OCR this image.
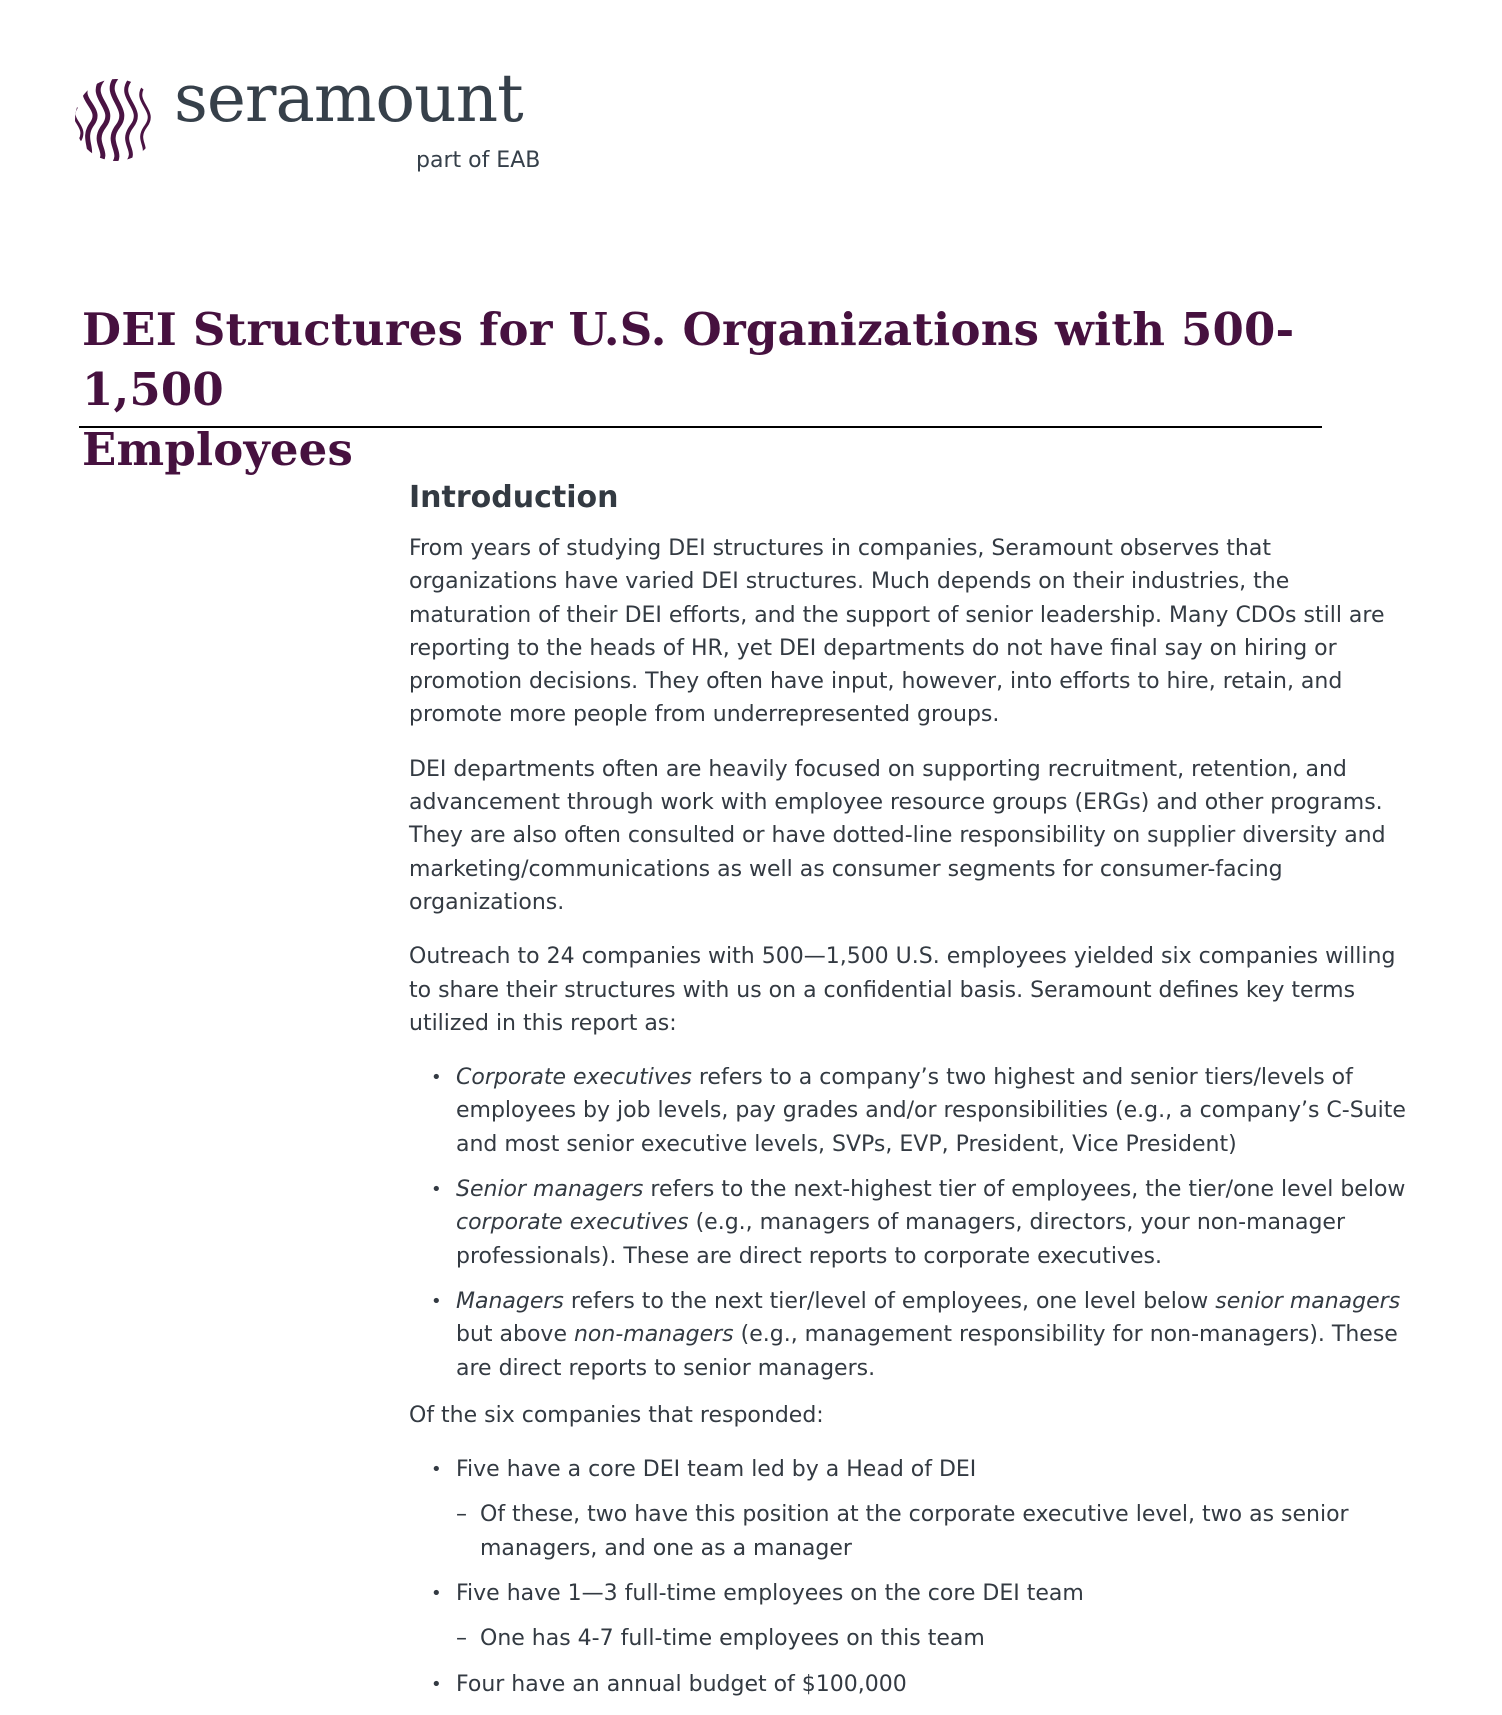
seramount
part of EAB
DEI Structures for U.S. Organizations with 500-1,500
Employees
Introduction

From years of studying DEI structures in companies, Seramount observes that organizations have varied DEI structures. Much depends on their industries, the maturation of their DEI efforts, and the support of senior leadership. Many CDOs still are reporting to the heads of HR, yet DEI departments do not have final say on hiring or promotion decisions. They often have input, however, into efforts to hire, retain, and promote more people from underrepresented groups.

DEI departments often are heavily focused on supporting recruitment, retention, and advancement through work with employee resource groups (ERGs) and other programs. They are also often consulted or have dotted-line responsibility on supplier diversity and marketing/communications as well as consumer segments for consumer-facing organizations.

Outreach to 24 companies with 500—1,500 U.S. employees yielded six companies willing to share their structures with us on a confidential basis. Seramount defines key terms utilized in this report as:

• Corporate executives refers to a company’s two highest and senior tiers/levels of employees by job levels, pay grades and/or responsibilities (e.g., a company’s C-Suite and most senior executive levels, SVPs, EVP, President, Vice President)
• Senior managers refers to the next-highest tier of employees, the tier/one level below corporate executives (e.g., managers of managers, directors, your non-manager professionals). These are direct reports to corporate executives.
• Managers refers to the next tier/level of employees, one level below senior managers but above non-managers (e.g., management responsibility for non-managers). These are direct reports to senior managers.

Of the six companies that responded:

• Five have a core DEI team led by a Head of DEI
– Of these, two have this position at the corporate executive level, two as senior managers, and one as a manager
• Five have 1—3 full-time employees on the core DEI team
– One has 4-7 full-time employees on this team
• Four have an annual budget of $100,000
